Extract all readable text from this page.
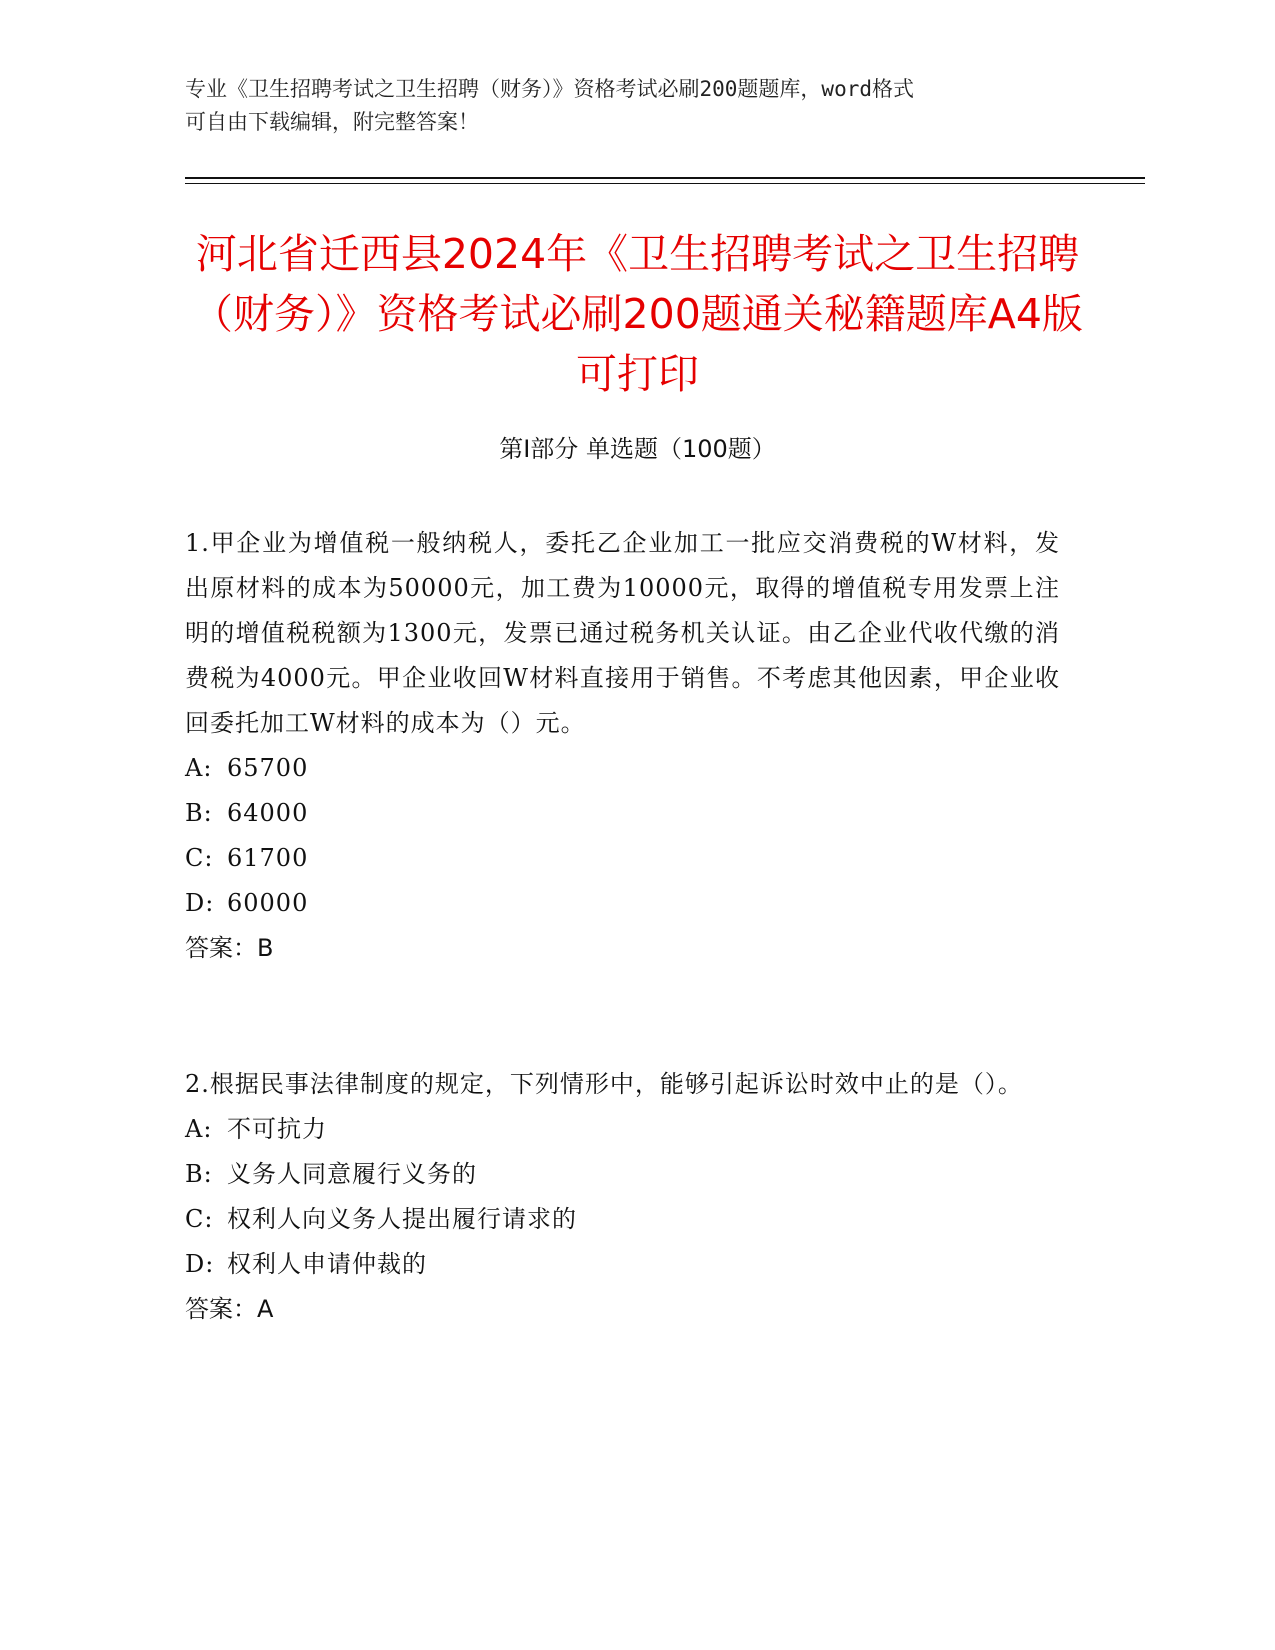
专业《卫生招聘考试之卫生招聘（财务）》资格考试必刷200题题库，word格式
可自由下载编辑，附完整答案！
河北省迁西县2024年《卫生招聘考试之卫生招聘（财务）》资格考试必刷200题通关秘籍题库A4版可打印
第Ⅰ部分 单选题（100题）

1.甲企业为增值税一般纳税人，委托乙企业加工一批应交消费税的W材料，发出原材料的成本为50000元，加工费为10000元，取得的增值税专用发票上注明的增值税税额为1300元，发票已通过税务机关认证。由乙企业代收代缴的消费税为4000元。甲企业收回W材料直接用于销售。不考虑其他因素，甲企业收回委托加工W材料的成本为（）元。

A: 65700

B: 64000

C: 61700

D: 60000

答案：B

2.根据民事法律制度的规定，下列情形中，能够引起诉讼时效中止的是（）。

A: 不可抗力

B: 义务人同意履行义务的

C: 权利人向义务人提出履行请求的

D: 权利人申请仲裁的

答案：A
